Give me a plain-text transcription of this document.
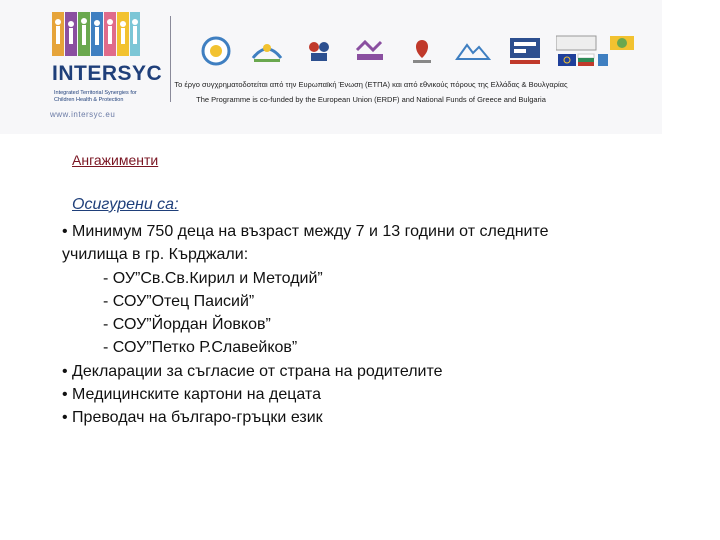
INTERSYC
Integrated Territorial Synergies for Children Health & Protection
www.intersyc.eu
Το έργο συγχρηματοδοτείται από την Ευρωπαϊκή Ένωση (ΕΤΠΑ) και από εθνικούς πόρους της Ελλάδας & Βουλγαρίας
The Programme is co-funded by the European Union (ERDF) and National Funds of Greece and Bulgaria
Ангажименти
Осигурени са:
• Минимум 750 деца на възраст между 7 и 13 години от следните
училища в гр. Кърджали:
- ОУ”Св.Св.Кирил и Методий”
- СОУ”Отец Паисий”
- СОУ”Йордан Йовков”
- СОУ”Петко Р.Славейков”
• Декларации за съгласие от страна на родителите
• Медицинските картони на децата
• Преводач на българо-гръцки език
